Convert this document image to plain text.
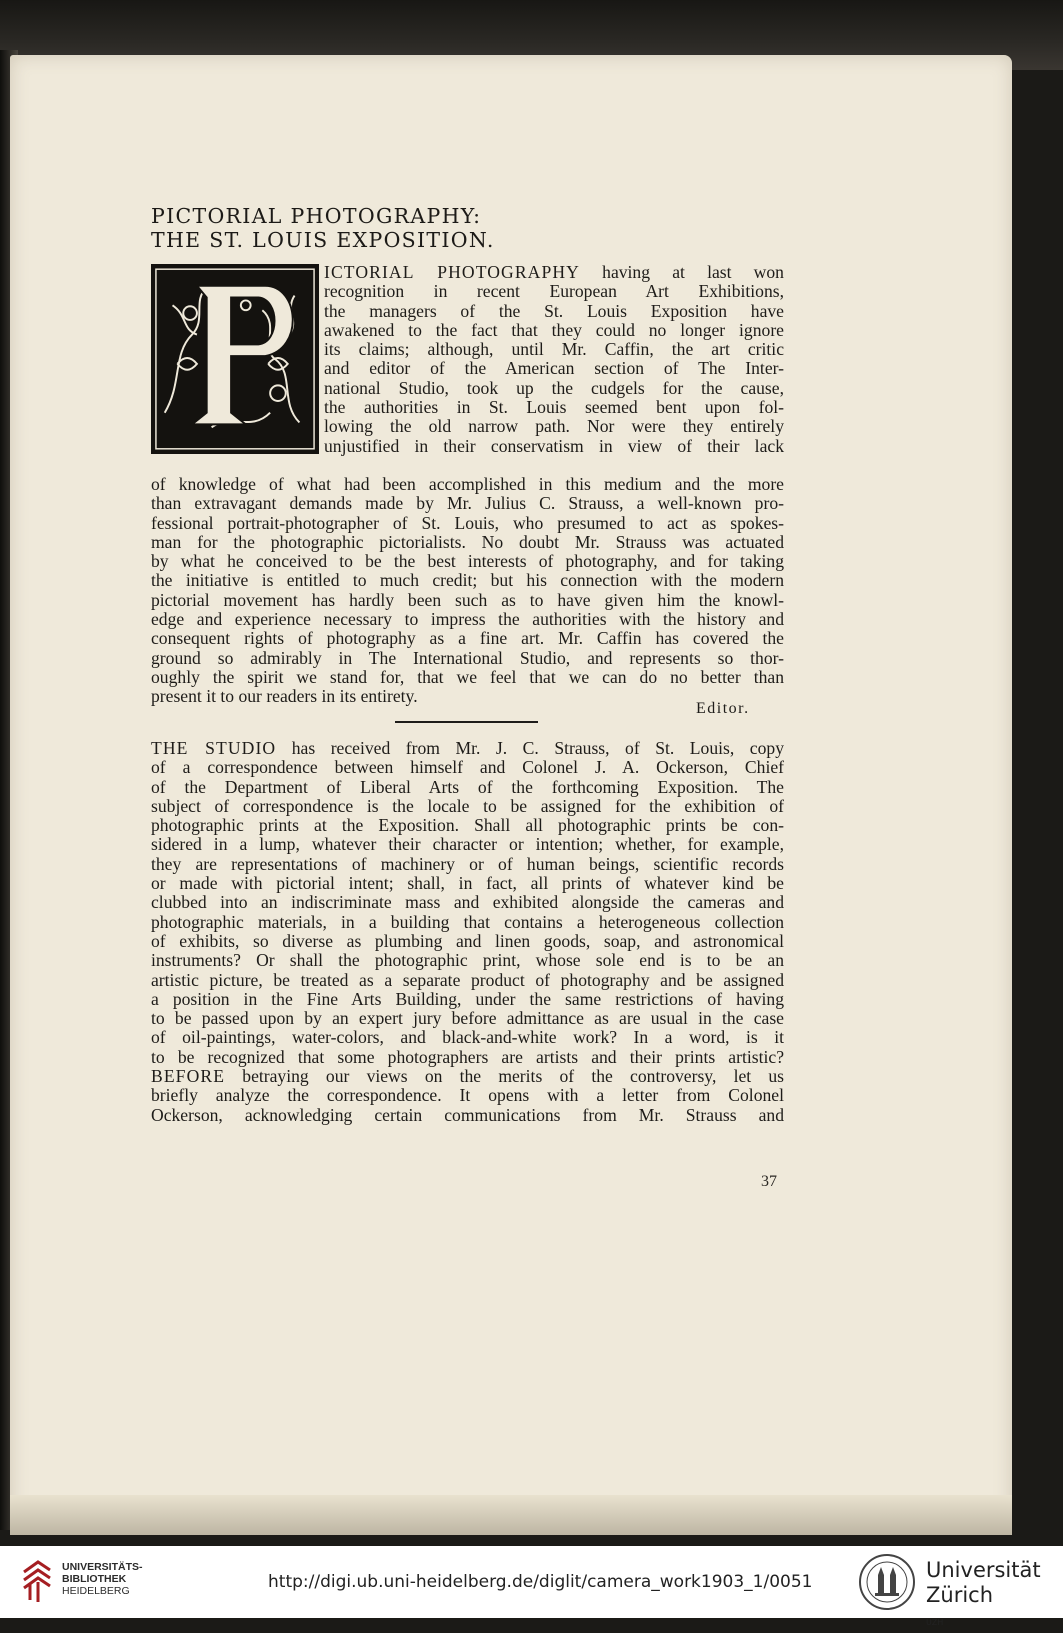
PICTORIAL PHOTOGRAPHY:
THE ST. LOUIS EXPOSITION.

ICTORIAL PHOTOGRAPHY having at last won
recognition in recent European Art Exhibitions,
the managers of the St. Louis Exposition have
awakened to the fact that they could no longer ignore
its claims; although, until Mr. Caffin, the art critic
and editor of the American section of The Inter-
national Studio, took up the cudgels for the cause,
the authorities in St. Louis seemed bent upon fol-
lowing the old narrow path. Nor were they entirely
unjustified in their conservatism in view of their lack

of knowledge of what had been accomplished in this medium and the more
than extravagant demands made by Mr. Julius C. Strauss, a well-known pro-
fessional portrait-photographer of St. Louis, who presumed to act as spokes-
man for the photographic pictorialists. No doubt Mr. Strauss was actuated
by what he conceived to be the best interests of photography, and for taking
the initiative is entitled to much credit; but his connection with the modern
pictorial movement has hardly been such as to have given him the knowl-
edge and experience necessary to impress the authorities with the history and
consequent rights of photography as a fine art. Mr. Caffin has covered the
ground so admirably in The International Studio, and represents so thor-
oughly the spirit we stand for, that we feel that we can do no better than
present it to our readers in its entirety.

Editor.

THE STUDIO has received from Mr. J. C. Strauss, of St. Louis, copy
of a correspondence between himself and Colonel J. A. Ockerson, Chief
of the Department of Liberal Arts of the forthcoming Exposition. The
subject of correspondence is the locale to be assigned for the exhibition of
photographic prints at the Exposition. Shall all photographic prints be con-
sidered in a lump, whatever their character or intention; whether, for example,
they are representations of machinery or of human beings, scientific records
or made with pictorial intent; shall, in fact, all prints of whatever kind be
clubbed into an indiscriminate mass and exhibited alongside the cameras and
photographic materials, in a building that contains a heterogeneous collection
of exhibits, so diverse as plumbing and linen goods, soap, and astronomical
instruments? Or shall the photographic print, whose sole end is to be an
artistic picture, be treated as a separate product of photography and be assigned
a position in the Fine Arts Building, under the same restrictions of having
to be passed upon by an expert jury before admittance as are usual in the case
of oil-paintings, water-colors, and black-and-white work? In a word, is it
to be recognized that some photographers are artists and their prints artistic?
BEFORE betraying our views on the merits of the controversy, let us
briefly analyze the correspondence. It opens with a letter from Colonel
Ockerson, acknowledging certain communications from Mr. Strauss and

37
UNIVERSITÄTS-
BIBLIOTHEK
HEIDELBERG	http://digi.ub.uni-heidelberg.de/diglit/camera_work1903_1/0051	Universität
Zürich
$^{UZH}$
